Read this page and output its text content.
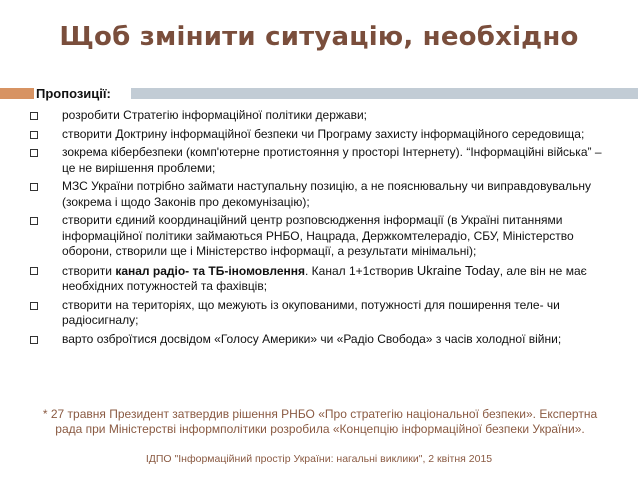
Щоб змінити ситуацію, необхідно
Пропозиції:
розробити Стратегію інформаційної політики держави;
створити Доктрину інформаційної безпеки чи Програму захисту інформаційного середовища;
зокрема кібербезпеки (комп'ютерне протистояння у просторі Інтернету). “Інформаційні війська” – це не вирішення проблеми;
МЗС України потрібно займати наступальну позицію, а не пояснювальну чи виправдовувальну (зокрема і щодо Законів про декомунізацію);
створити єдиний координаційний центр розповсюдження інформації (в Україні питаннями інформаційної політики займаються РНБО, Нацрада, Держкомтелерадіо, СБУ, Міністерство оборони, створили ще і Міністерство інформації, а результати мінімальні);
створити канал радіо- та ТБ-іномовлення. Канал 1+1створив Ukraine Today, але він не має необхідних потужностей та фахівців;
створити на територіях, що межують із окупованими, потужності для поширення теле- чи радіосигналу;
варто озброїтися досвідом «Голосу Америки» чи «Радіо Свобода» з часів холодної війни;
* 27 травня Президент затвердив рішення РНБО «Про стратегію національної безпеки». Експертна рада при Міністерстві інформполітики розробила «Концепцію інформаційної безпеки України».
ІДПО "Інформаційний простір України: нагальні виклики", 2 квітня 2015
